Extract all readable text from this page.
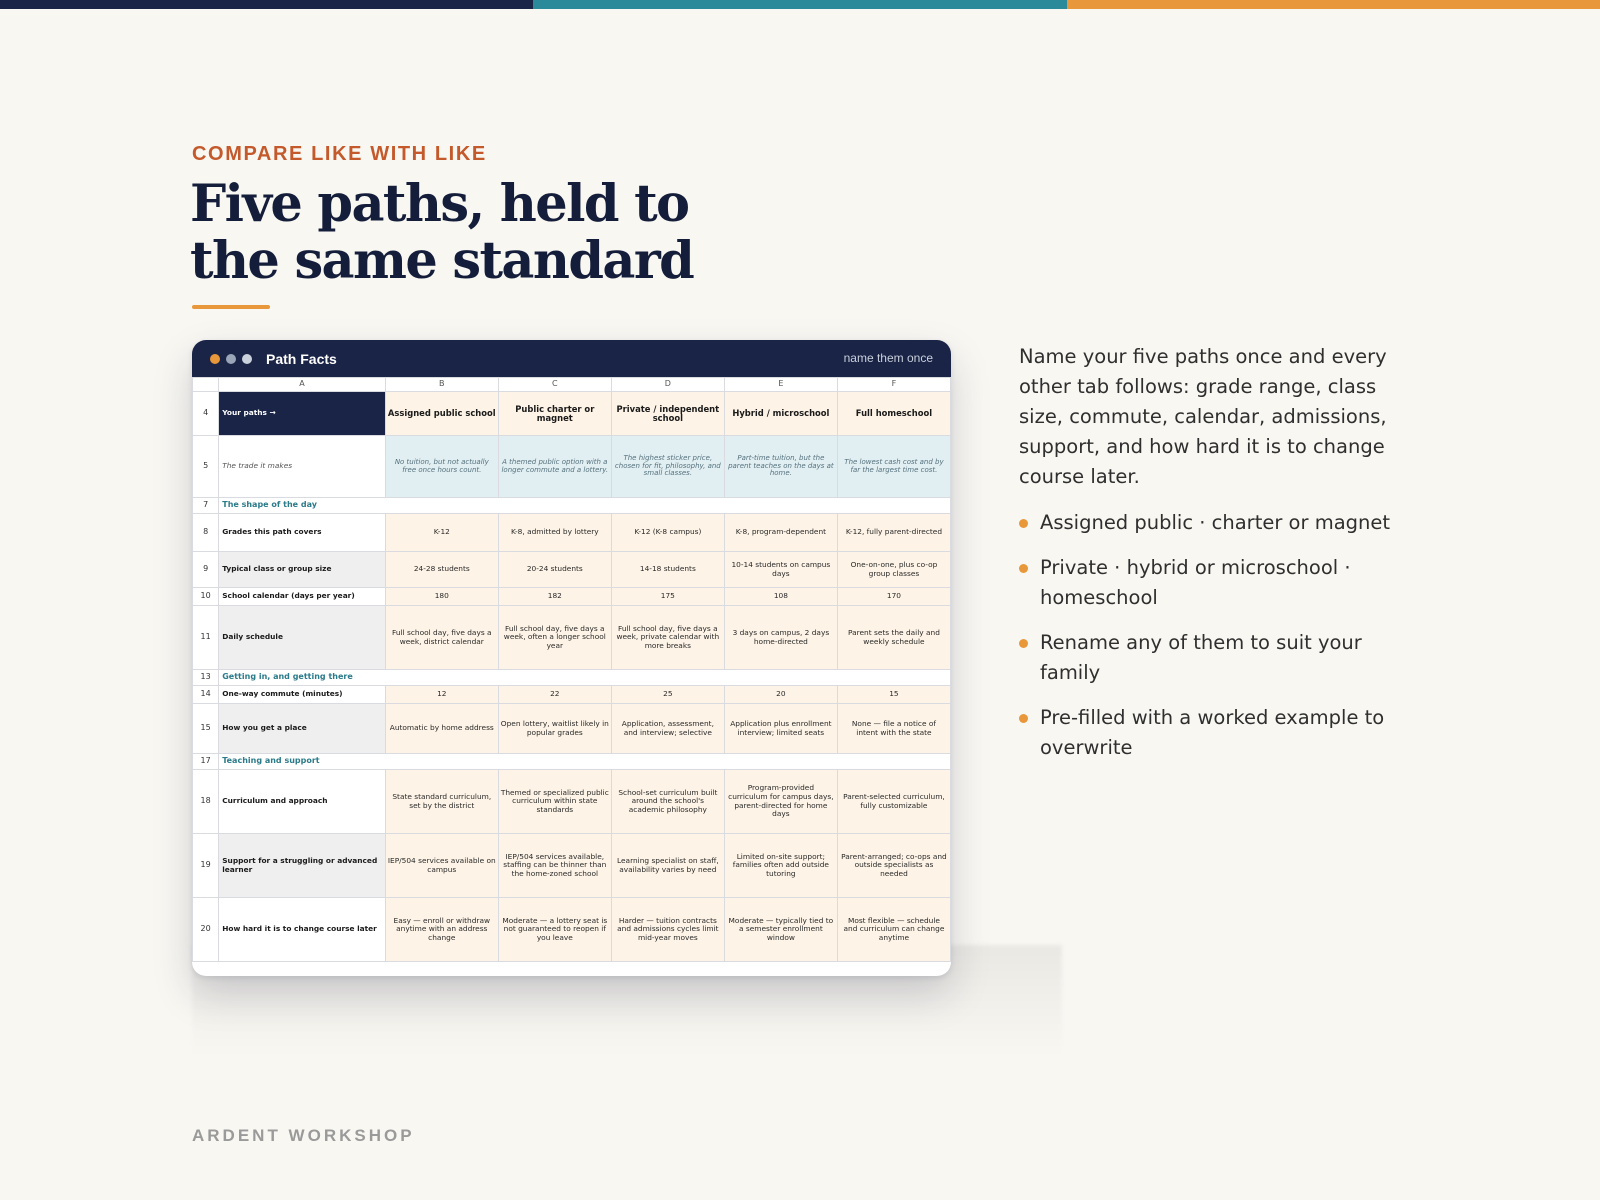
COMPARE LIKE WITH LIKE
Five paths, held to the same standard
Path Facts	name them once
	A	B	C	D	E	F
4	Your paths →	Assigned public school	Public charter or magnet	Private / independent school	Hybrid / microschool	Full homeschool
5	The trade it makes	No tuition, but not actually free once hours count.	A themed public option with a longer commute and a lottery.	The highest sticker price, chosen for fit, philosophy, and small classes.	Part-time tuition, but the parent teaches on the days at home.	The lowest cash cost and by far the largest time cost.
7	The shape of the day					
8	Grades this path covers	K-12	K-8, admitted by lottery	K-12 (K-8 campus)	K-8, program-dependent	K-12, fully parent-directed
9	Typical class or group size	24-28 students	20-24 students	14-18 students	10-14 students on campus days	One-on-one, plus co-op group classes
10	School calendar (days per year)	180	182	175	108	170
11	Daily schedule	Full school day, five days a week, district calendar	Full school day, five days a week, often a longer school year	Full school day, five days a week, private calendar with more breaks	3 days on campus, 2 days home-directed	Parent sets the daily and weekly schedule
13	Getting in, and getting there					
14	One-way commute (minutes)	12	22	25	20	15
15	How you get a place	Automatic by home address	Open lottery, waitlist likely in popular grades	Application, assessment, and interview; selective	Application plus enrollment interview; limited seats	None — file a notice of intent with the state
17	Teaching and support					
18	Curriculum and approach	State standard curriculum, set by the district	Themed or specialized public curriculum within state standards	School-set curriculum built around the school's academic philosophy	Program-provided curriculum for campus days, parent-directed for home days	Parent-selected curriculum, fully customizable
19	Support for a struggling or advanced learner	IEP/504 services available on campus	IEP/504 services available, staffing can be thinner than the home-zoned school	Learning specialist on staff, availability varies by need	Limited on-site support; families often add outside tutoring	Parent-arranged; co-ops and outside specialists as needed
20	How hard it is to change course later	Easy — enroll or withdraw anytime with an address change	Moderate — a lottery seat is not guaranteed to reopen if you leave	Harder — tuition contracts and admissions cycles limit mid-year moves	Moderate — typically tied to a semester enrollment window	Most flexible — schedule and curriculum can change anytime

Name your five paths once and every other tab follows: grade range, class size, commute, calendar, admissions, support, and how hard it is to change course later.

Assigned public · charter or magnet
Private · hybrid or microschool · homeschool
Rename any of them to suit your family
Pre-filled with a worked example to overwrite
ARDENT WORKSHOP
